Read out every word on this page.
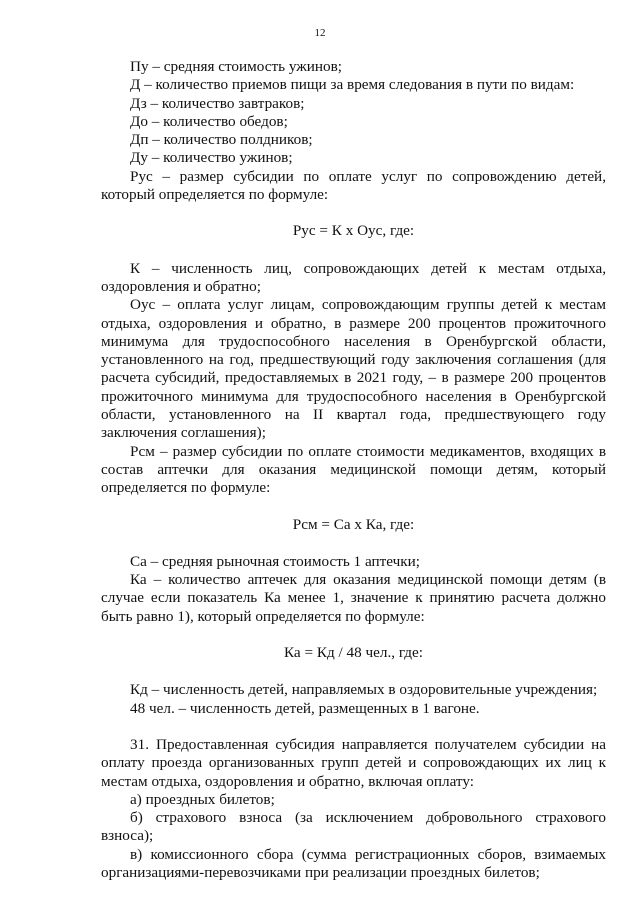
12

Пу – средняя стоимость ужинов;

Д – количество приемов пищи за время следования в пути по видам:

Дз – количество завтраков;

До – количество обедов;

Дп – количество полдников;

Ду – количество ужинов;

Рус – размер субсидии по оплате услуг по сопровождению детей, который определяется по формуле:

Рус = К х Оус, где:

К – численность лиц, сопровождающих детей к местам отдыха, оздоровления и обратно;

Оус – оплата услуг лицам, сопровождающим группы детей к местам отдыха, оздоровления и обратно, в размере 200 процентов прожиточного минимума для трудоспособного населения в Оренбургской области, установленного на год, предшествующий году заключения соглашения (для расчета субсидий, предоставляемых в 2021 году, – в размере 200 процентов прожиточного минимума для трудоспособного населения в Оренбургской области, установленного на II квартал года, предшествующего году заключения соглашения);

Рсм – размер субсидии по оплате стоимости медикаментов, входящих в состав аптечки для оказания медицинской помощи детям, который определяется по формуле:

Рсм = Са х Ка, где:

Са – средняя рыночная стоимость 1 аптечки;

Ка – количество аптечек для оказания медицинской помощи детям (в случае если показатель Ка менее 1, значение к принятию расчета должно быть равно 1), который определяется по формуле:

Ка = Кд / 48 чел., где:

Кд – численность детей, направляемых в оздоровительные учреждения;

48 чел. – численность детей, размещенных в 1 вагоне.

31. Предоставленная субсидия направляется получателем субсидии на оплату проезда организованных групп детей и сопровождающих их лиц к местам отдыха, оздоровления и обратно, включая оплату:

а) проездных билетов;

б) страхового взноса (за исключением добровольного страхового взноса);

в) комиссионного сбора (сумма регистрационных сборов, взимаемых организациями-перевозчиками при реализации проездных билетов;
